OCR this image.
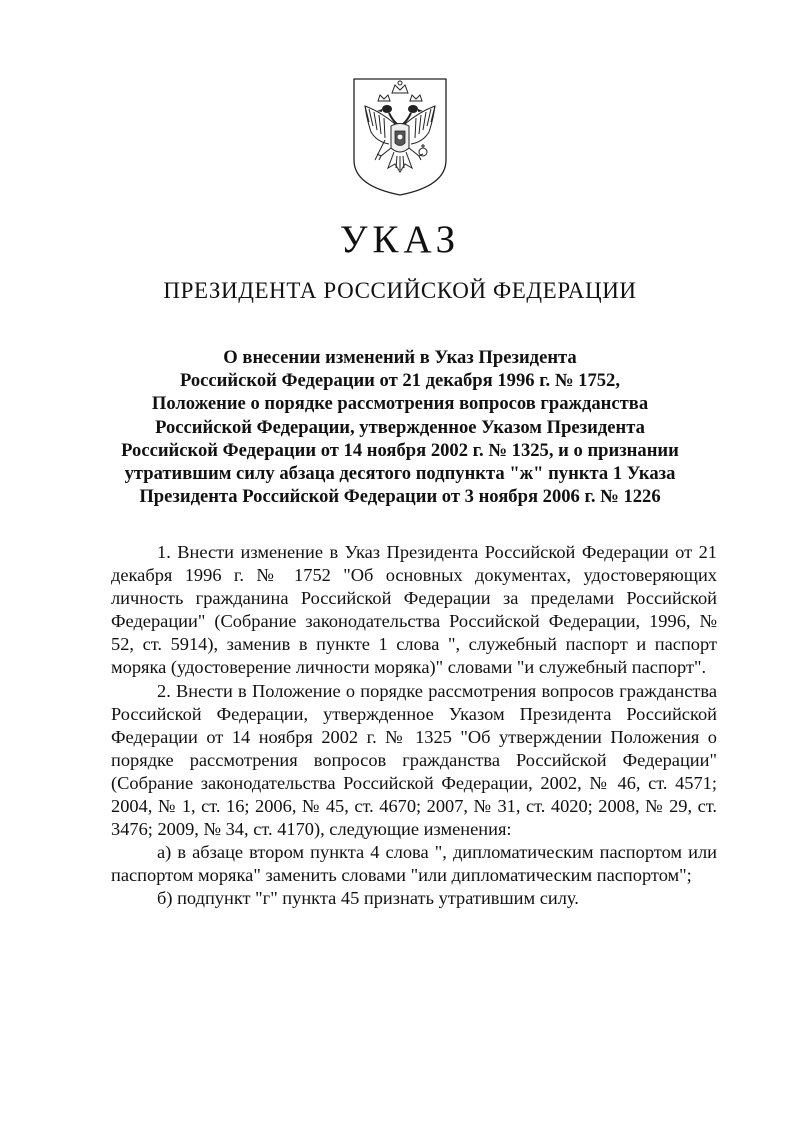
УКАЗ
ПРЕЗИДЕНТА РОССИЙСКОЙ ФЕДЕРАЦИИ
О внесении изменений в Указ Президента
Российской Федерации от 21 декабря 1996 г. № 1752,
Положение о порядке рассмотрения вопросов гражданства
Российской Федерации, утвержденное Указом Президента
Российской Федерации от 14 ноября 2002 г. № 1325, и о признании
утратившим силу абзаца десятого подпункта "ж" пункта 1 Указа
Президента Российской Федерации от 3 ноября 2006 г. № 1226

1. Внести изменение в Указ Президента Российской Федерации от 21 декабря 1996 г. № 1752 "Об основных документах, удостоверяющих личность гражданина Российской Федерации за пределами Российской Федерации" (Собрание законодательства Российской Федерации, 1996, № 52, ст. 5914), заменив в пункте 1 слова ", служебный паспорт и паспорт моряка (удостоверение личности моряка)" словами "и служебный паспорт".

2. Внести в Положение о порядке рассмотрения вопросов гражданства Российской Федерации, утвержденное Указом Президента Российской Федерации от 14 ноября 2002 г. № 1325 "Об утверждении Положения о порядке рассмотрения вопросов гражданства Российской Федерации" (Собрание законодательства Российской Федерации, 2002, № 46, ст. 4571; 2004, № 1, ст. 16; 2006, № 45, ст. 4670; 2007, № 31, ст. 4020; 2008, № 29, ст. 3476; 2009, № 34, ст. 4170), следующие изменения:

а) в абзаце втором пункта 4 слова ", дипломатическим паспортом или паспортом моряка" заменить словами "или дипломатическим паспортом";

б) подпункт "г" пункта 45 признать утратившим силу.
